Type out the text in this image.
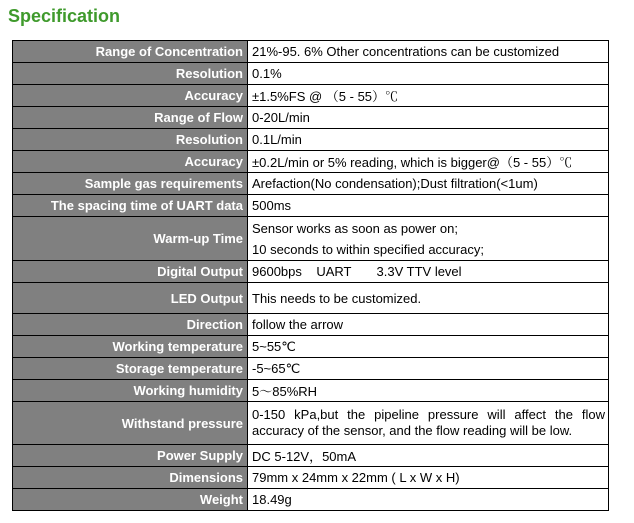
Specification
Range of Concentration	21%-95. 6% Other concentrations can be customized
Resolution	0.1%
Accuracy	±1.5%FS @ （5 - 55）℃
Range of Flow	0-20L/min
Resolution	0.1L/min
Accuracy	±0.2L/min or 5% reading, which is bigger@（5 - 55）℃
Sample gas requirements	Arefaction(No condensation);Dust filtration(<1um)
The spacing time of UART data	500ms
Warm-up Time	Sensor works as soon as power on;
10 seconds to within specified accuracy;

Digital Output	9600bps    UART       3.3V TTV level
LED Output	This needs to be customized.
Direction	follow the arrow
Working temperature	5~55℃
Storage temperature	-5~65℃
Working humidity	5～85%RH
Withstand pressure	0-150 kPa,but the pipeline pressure will affect the flow accuracy of the sensor, and the flow reading will be low.
Power Supply	DC 5-12V，50mA
Dimensions	79mm x 24mm x 22mm ( L x W x H)
Weight	18.49g
